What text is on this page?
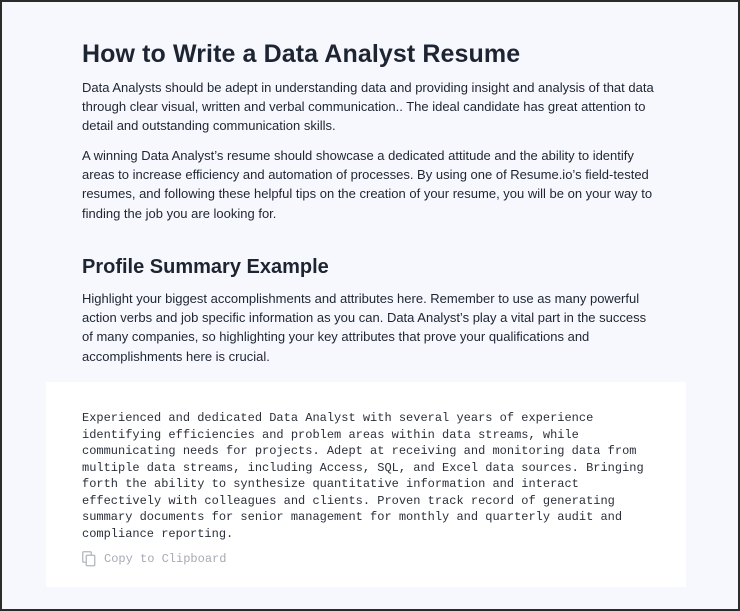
How to Write a Data Analyst Resume

Data Analysts should be adept in understanding data and providing insight and analysis of that data through clear visual, written and verbal communication.. The ideal candidate has great attention to detail and outstanding communication skills.

A winning Data Analyst’s resume should showcase a dedicated attitude and the ability to identify areas to increase efficiency and automation of processes. By using one of Resume.io’s field-tested resumes, and following these helpful tips on the creation of your resume, you will be on your way to finding the job you are looking for.

Profile Summary Example

Highlight your biggest accomplishments and attributes here. Remember to use as many powerful action verbs and job specific information as you can. Data Analyst’s play a vital part in the success of many companies, so highlighting your key attributes that prove your qualifications and accomplishments here is crucial.

Experienced and dedicated Data Analyst with several years of experience identifying efficiencies and problem areas within data streams, while communicating needs for projects. Adept at receiving and monitoring data from multiple data streams, including Access, SQL, and Excel data sources. Bringing forth the ability to synthesize quantitative information and interact effectively with colleagues and clients. Proven track record of generating summary documents for senior management for monthly and quarterly audit and compliance reporting.

Copy to Clipboard
